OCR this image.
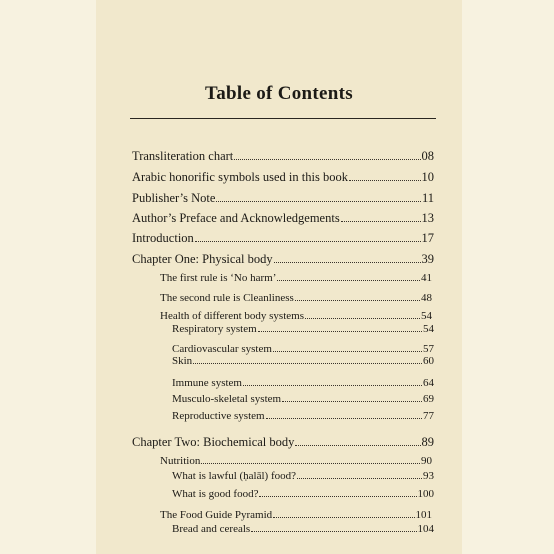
Table of Contents
Transliteration chart	08
Arabic honorific symbols used in this book	10
Publisher’s Note	11
Author’s Preface and Acknowledgements	13
Introduction	17
Chapter One: Physical body	39
The first rule is ‘No harm’	41
The second rule is Cleanliness	48
Health of different body systems	54
Respiratory system	54
Cardiovascular system	57
Skin	60
Immune system	64
Musculo-skeletal system	69
Reproductive system	77
Chapter Two: Biochemical body	89
Nutrition	90
What is lawful (ḥalāl) food?	93
What is good food?	100
The Food Guide Pyramid	101
Bread and cereals	104
